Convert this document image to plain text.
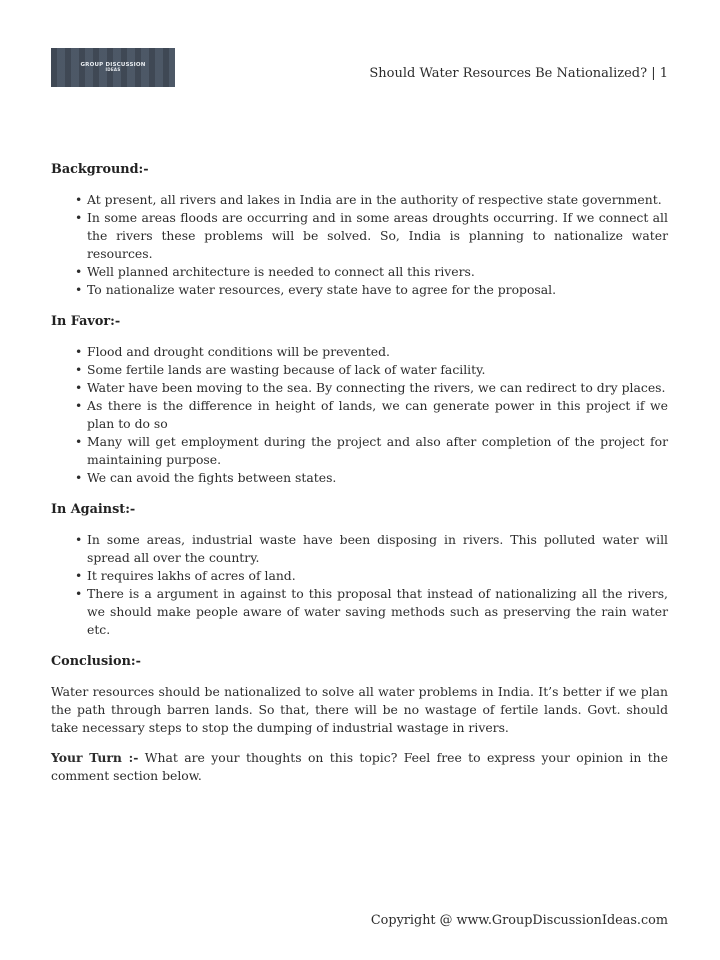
GROUP DISCUSSION
IDEAS	Should Water Resources Be Nationalized? | 1
Background:-
• At present, all rivers and lakes in India are in the authority of respective state government.
• In some areas floods are occurring and in some areas droughts occurring. If we connect all the rivers these problems will be solved. So, India is planning to nationalize water resources.
• Well planned architecture is needed to connect all this rivers.
• To nationalize water resources, every state have to agree for the proposal.
In Favor:-
• Flood and drought conditions will be prevented.
• Some fertile lands are wasting because of lack of water facility.
• Water have been moving to the sea. By connecting the rivers, we can redirect to dry places.
• As there is the difference in height of lands, we can generate power in this project if we plan to do so
• Many will get employment during the project and also after completion of the project for maintaining purpose.
• We can avoid the fights between states.
In Against:-
• In some areas, industrial waste have been disposing in rivers. This polluted water will spread all over the country.
• It requires lakhs of acres of land.
• There is a argument in against to this proposal that instead of nationalizing all the rivers, we should make people aware of water saving methods such as preserving the rain water etc.
Conclusion:-

Water resources should be nationalized to solve all water problems in India. It’s better if we plan the path through barren lands. So that, there will be no wastage of fertile lands. Govt. should take necessary steps to stop the dumping of industrial wastage in rivers.

Your Turn :- What are your thoughts on this topic? Feel free to express your opinion in the comment section below.

Copyright @ www.GroupDiscussionIdeas.com
